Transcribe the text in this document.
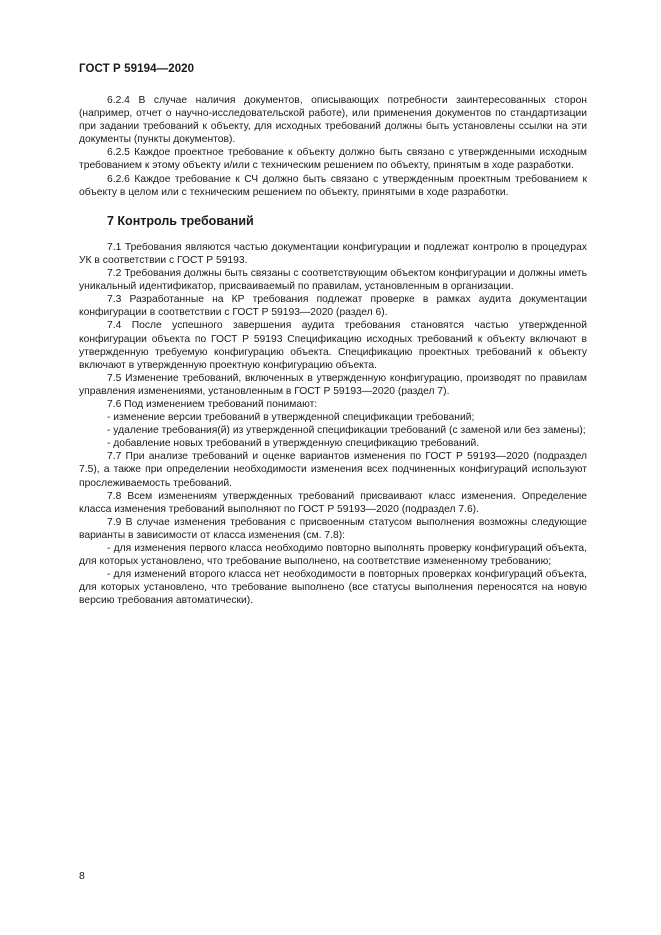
ГОСТ Р 59194—2020

6.2.4 В случае наличия документов, описывающих потребности заинтересованных сторон (например, отчет о научно-исследовательской работе), или применения документов по стандартизации при задании требований к объекту, для исходных требований должны быть установлены ссылки на эти документы (пункты документов).

6.2.5 Каждое проектное требование к объекту должно быть связано с утвержденными исходным требованием к этому объекту и/или с техническим решением по объекту, принятым в ходе разработки.

6.2.6 Каждое требование к СЧ должно быть связано с утвержденным проектным требованием к объекту в целом или с техническим решением по объекту, принятыми в ходе разработки.

7 Контроль требований

7.1 Требования являются частью документации конфигурации и подлежат контролю в процедурах УК в соответствии с ГОСТ Р 59193.

7.2 Требования должны быть связаны с соответствующим объектом конфигурации и должны иметь уникальный идентификатор, присваиваемый по правилам, установленным в организации.

7.3 Разработанные на КР требования подлежат проверке в рамках аудита документации конфигурации в соответствии с ГОСТ Р 59193—2020 (раздел 6).

7.4 После успешного завершения аудита требования становятся частью утвержденной конфигурации объекта по ГОСТ Р 59193 Спецификацию исходных требований к объекту включают в утвержденную требуемую конфигурацию объекта. Спецификацию проектных требований к объекту включают в утвержденную проектную конфигурацию объекта.

7.5 Изменение требований, включенных в утвержденную конфигурацию, производят по правилам управления изменениями, установленным в ГОСТ Р 59193—2020 (раздел 7).

7.6 Под изменением требований понимают:

- изменение версии требований в утвержденной спецификации требований;

- удаление требования(й) из утвержденной спецификации требований (с заменой или без замены);

- добавление новых требований в утвержденную спецификацию требований.

7.7 При анализе требований и оценке вариантов изменения по ГОСТ Р 59193—2020 (подраздел 7.5), а также при определении необходимости изменения всех подчиненных конфигураций используют прослеживаемость требований.

7.8 Всем изменениям утвержденных требований присваивают класс изменения. Определение класса изменения требований выполняют по ГОСТ Р 59193—2020 (подраздел 7.6).

7.9 В случае изменения требования с присвоенным статусом выполнения возможны следующие варианты в зависимости от класса изменения (см. 7.8):

- для изменения первого класса необходимо повторно выполнять проверку конфигураций объекта, для которых установлено, что требование выполнено, на соответствие измененному требованию;

- для изменений второго класса нет необходимости в повторных проверках конфигураций объекта, для которых установлено, что требование выполнено (все статусы выполнения переносятся на новую версию требования автоматически).

8
